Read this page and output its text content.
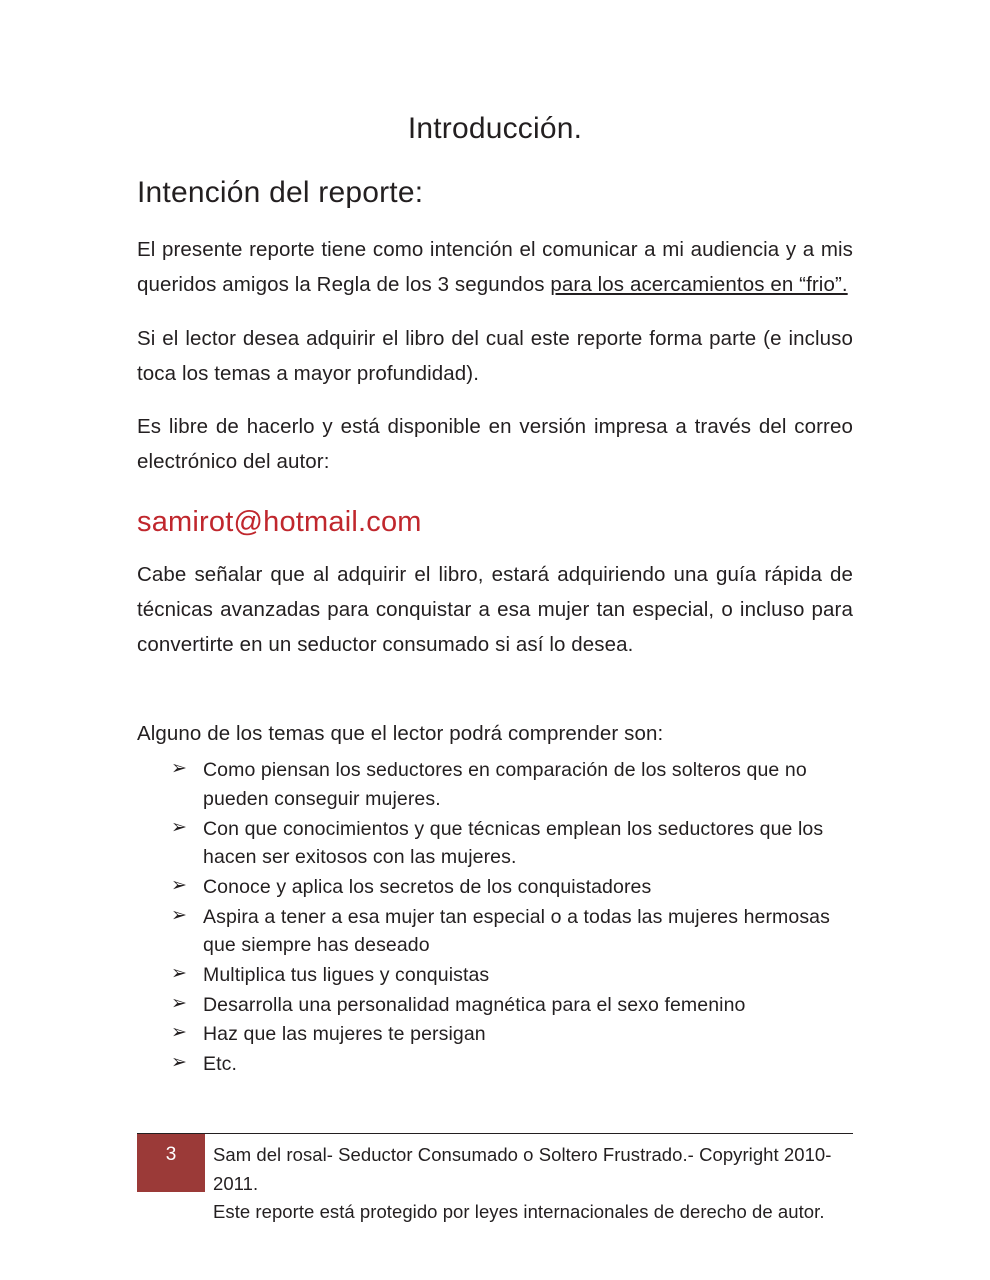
Introducción.
Intención del reporte:

El presente reporte tiene como intención el comunicar a mi audiencia y a mis queridos amigos la Regla de los 3 segundos para los acercamientos en “frio”.

Si el lector desea adquirir el libro del cual este reporte forma parte (e incluso toca los temas a mayor profundidad).

Es libre de hacerlo y está disponible en versión impresa a través del correo electrónico del autor:

samirot@hotmail.com

Cabe señalar que al adquirir el libro, estará adquiriendo una guía rápida de técnicas avanzadas para conquistar a esa mujer tan especial, o incluso para convertirte en un seductor consumado si así lo desea.

Alguno de los temas que el lector podrá comprender son:

➢ Como piensan los seductores en comparación de los solteros que no pueden conseguir mujeres.
➢ Con que conocimientos y que técnicas emplean los seductores que los hacen ser exitosos con las mujeres.
➢ Conoce y aplica los secretos de los conquistadores
➢ Aspira a tener a esa mujer tan especial o a todas las mujeres hermosas que siempre has deseado
➢ Multiplica tus ligues y conquistas
➢ Desarrolla una personalidad magnética para el sexo femenino
➢ Haz que las mujeres te persigan
➢ Etc.
3	Sam del rosal- Seductor Consumado o Soltero Frustrado.- Copyright 2010-2011.
Este reporte está protegido por leyes internacionales de derecho de autor.
